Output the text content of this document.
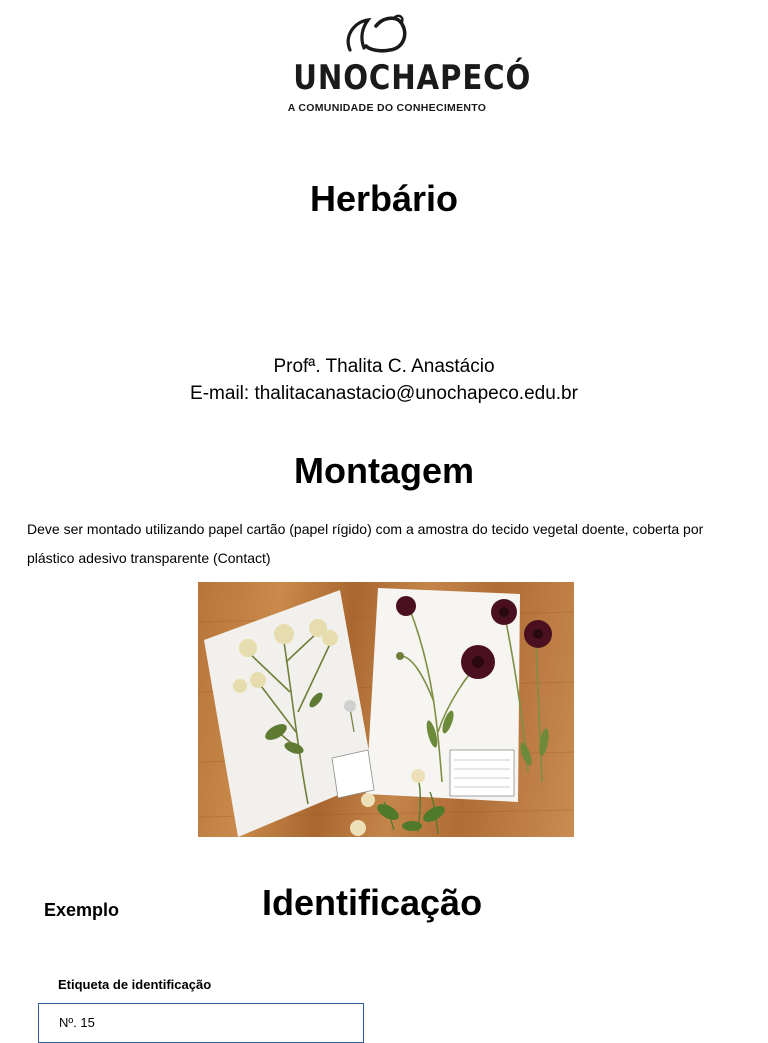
UNOCHAPECÓ
A COMUNIDADE DO CONHECIMENTO
Herbário
Profª. Thalita C. Anastácio
E-mail: thalitacanastacio@unochapeco.edu.br
Montagem
Deve ser montado utilizando papel cartão (papel rígido) com a amostra do tecido vegetal doente, coberta por plástico adesivo transparente (Contact)
Exemplo	Identificação
Etiqueta de identificação
Nº. 15
